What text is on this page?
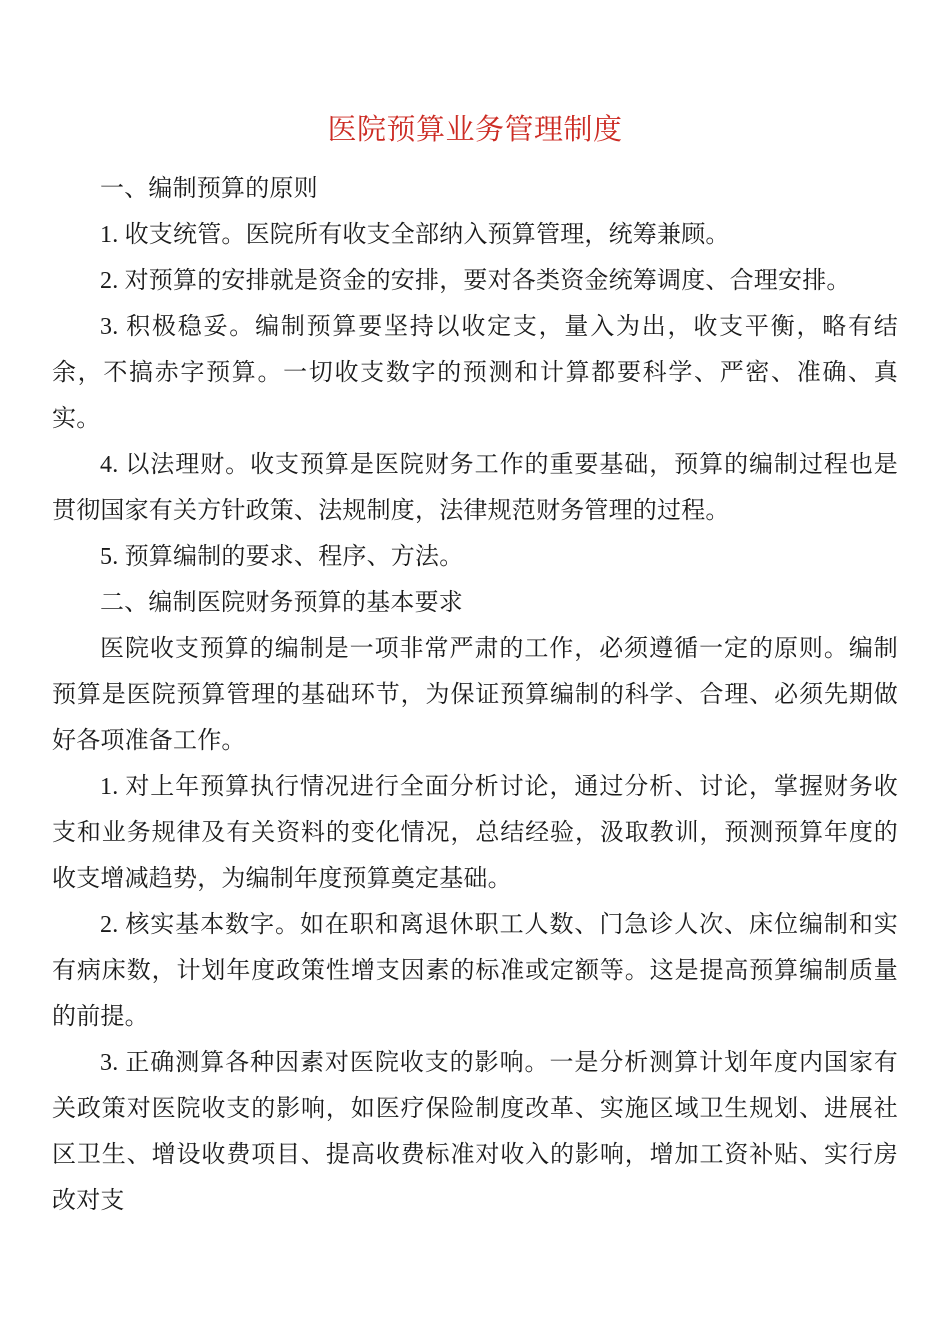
医院预算业务管理制度

一、编制预算的原则

1. 收支统管。医院所有收支全部纳入预算管理，统筹兼顾。

2. 对预算的安排就是资金的安排，要对各类资金统筹调度、合理安排。

3. 积极稳妥。编制预算要坚持以收定支，量入为出，收支平衡，略有结余，不搞赤字预算。一切收支数字的预测和计算都要科学、严密、准确、真实。

4. 以法理财。收支预算是医院财务工作的重要基础，预算的编制过程也是贯彻国家有关方针政策、法规制度，法律规范财务管理的过程。

5. 预算编制的要求、程序、方法。

二、编制医院财务预算的基本要求

医院收支预算的编制是一项非常严肃的工作，必须遵循一定的原则。编制预算是医院预算管理的基础环节，为保证预算编制的科学、合理、必须先期做好各项准备工作。

1. 对上年预算执行情况进行全面分析讨论，通过分析、讨论，掌握财务收支和业务规律及有关资料的变化情况，总结经验，汲取教训，预测预算年度的收支增减趋势，为编制年度预算奠定基础。

2. 核实基本数字。如在职和离退休职工人数、门急诊人次、床位编制和实有病床数，计划年度政策性增支因素的标准或定额等。这是提高预算编制质量的前提。

3. 正确测算各种因素对医院收支的影响。一是分析测算计划年度内国家有关政策对医院收支的影响，如医疗保险制度改革、实施区域卫生规划、进展社区卫生、增设收费项目、提高收费标准对收入的影响，增加工资补贴、实行房改对支
